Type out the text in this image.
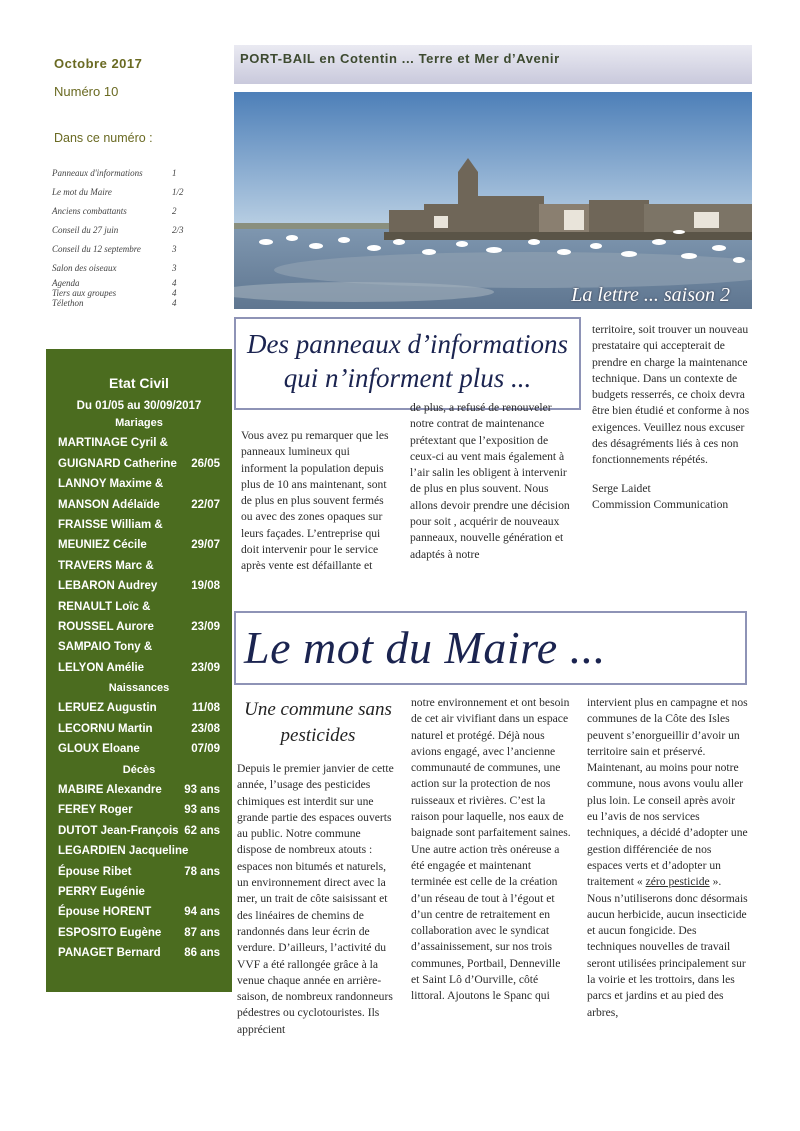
Octobre 2017
Numéro 10
Dans ce numéro :
Panneaux d'informations	1
Le mot du Maire	1/2
Anciens combattants	2
Conseil du 27 juin	2/3
Conseil du 12 septembre	3
Salon des oiseaux	3
Agenda	4
Tiers aux groupes	4
Télethon	4
PORT-BAIL en Cotentin ... Terre et Mer d’Avenir
La lettre ... saison 2
Etat Civil
Du 01/05 au 30/09/2017
Mariages
MARTINAGE Cyril &
GUIGNARD Catherine 26/05
LANNOY Maxime &
MANSON Adélaïde	22/07
FRAISSE William &
MEUNIEZ Cécile	29/07
TRAVERS Marc &
LEBARON Audrey	19/08
RENAULT Loïc &
ROUSSEL Aurore	23/09
SAMPAIO Tony &
LELYON Amélie	23/09
Naissances
LERUEZ Augustin	11/08
LECORNU Martin	23/08
GLOUX Eloane	07/09
Décès
MABIRE Alexandre 93 ans
FEREY Roger	93 ans
DUTOT Jean-François 62 ans
LEGARDIEN Jacqueline
Épouse Ribet	78 ans
PERRY Eugénie
Épouse HORENT	94 ans
ESPOSITO Eugène 87 ans
PANAGET Bernard 86 ans
Des panneaux d’informations qui n’informent plus ...
Vous avez pu remarquer que les panneaux lumineux qui informent la population depuis plus de 10 ans maintenant, sont de plus en plus souvent fermés ou avec des zones opaques sur leurs façades. L’entreprise qui doit intervenir pour le service après vente est défaillante et
de plus, a refusé de renouveler notre contrat de maintenance prétextant que l’exposition de ceux-ci au vent mais également à l’air salin les obligent à intervenir de plus en plus souvent. Nous allons devoir prendre une décision pour soit , acquérir de nouveaux panneaux, nouvelle génération et adaptés à notre
territoire, soit trouver un nouveau prestataire qui accepterait de prendre en charge la maintenance technique. Dans un contexte de budgets resserrés, ce choix devra être bien étudié et conforme à nos exigences. Veuillez nous excuser des désagréments liés à ces non fonctionnements répétés.
Serge Laidet
Commission Communication
Le mot du Maire ...
Une commune sans pesticides
Depuis le premier janvier de cette année, l’usage des pesticides chimiques est interdit sur une grande partie des espaces ouverts au public. Notre commune dispose de nombreux atouts : espaces non bitumés et naturels, un environnement direct avec la mer, un trait de côte saisissant et des linéaires de chemins de randonnés dans leur écrin de verdure. D’ailleurs, l’activité du VVF a été rallongée grâce à la venue chaque année en arrière-saison, de nombreux randonneurs pédestres ou cyclotouristes. Ils apprécient
notre environnement et ont besoin de cet air vivifiant dans un espace naturel et protégé. Déjà nous avions engagé, avec l’ancienne communauté de communes, une action sur la protection de nos ruisseaux et rivières. C’est la raison pour laquelle, nos eaux de baignade sont parfaitement saines. Une autre action très onéreuse a été engagée et maintenant terminée est celle de la création d’un réseau de tout à l’égout et d’un centre de retraitement en collaboration avec le syndicat d’assainissement, sur nos trois communes, Portbail, Denneville et Saint Lô d’Ourville, côté littoral. Ajoutons le Spanc qui
intervient plus en campagne et nos communes de la Côte des Isles peuvent s’enorgueillir d’avoir un territoire sain et préservé. Maintenant, au moins pour notre commune, nous avons voulu aller plus loin. Le conseil après avoir eu l’avis de nos services techniques, a décidé d’adopter une gestion différenciée de nos espaces verts et d’adopter un traitement « zéro pesticide ». Nous n’utiliserons donc désormais aucun herbicide, aucun insecticide et aucun fongicide. Des techniques nouvelles de travail seront utilisées principalement sur la voirie et les trottoirs, dans les parcs et jardins et au pied des arbres,
